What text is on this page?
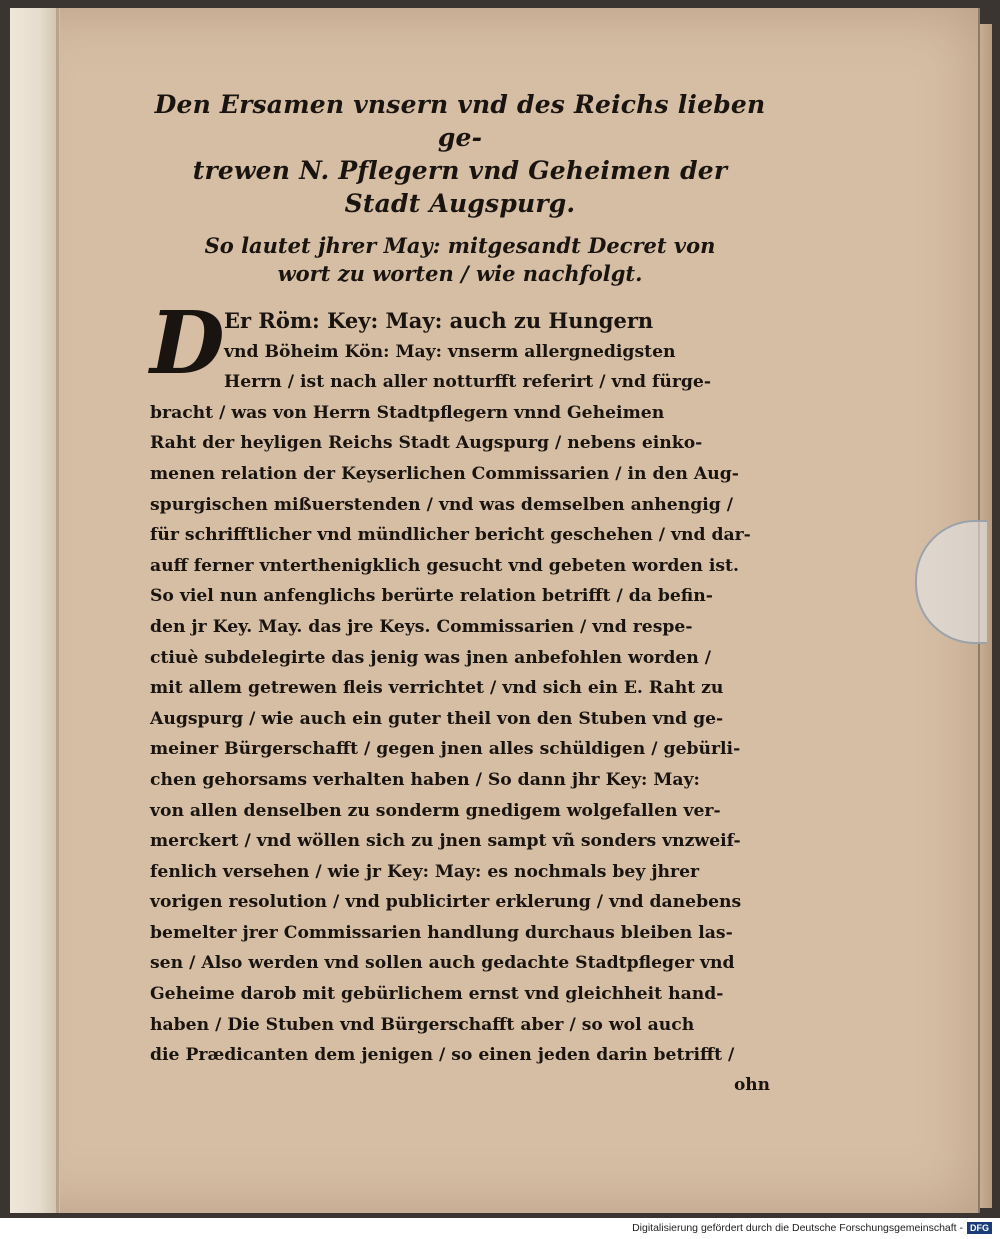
Den Ersamen vnsern vnd des Reichs lieben ge-
trewen N. Pflegern vnd Geheimen der
Stadt Augspurg.
So lautet jhrer May: mitgesandt Decret von
wort zu worten / wie nachfolgt.
D Er Röm: Key: May: auch zu Hungern
vnd Böheim Kön: May: vnserm allergnedigsten
Herrn / ist nach aller notturfft referirt / vnd fürge-
bracht / was von Herrn Stadtpflegern vnnd Geheimen
Raht der heyligen Reichs Stadt Augspurg / nebens einko-
menen relation der Keyserlichen Commissarien / in den Aug-
spurgischen mißuerstenden / vnd was demselben anhengig /
für schrifftlicher vnd mündlicher bericht geschehen / vnd dar-
auff ferner vnterthenigklich gesucht vnd gebeten worden ist.
So viel nun anfenglichs berürte relation betrifft / da befin-
den jr Key. May. das jre Keys. Commissarien / vnd respe-
ctiuè subdelegirte das jenig was jnen anbefohlen worden /
mit allem getrewen fleis verrichtet / vnd sich ein E. Raht zu
Augspurg / wie auch ein guter theil von den Stuben vnd ge-
meiner Bürgerschafft / gegen jnen alles schüldigen / gebürli-
chen gehorsams verhalten haben / So dann jhr Key: May:
von allen denselben zu sonderm gnedigem wolgefallen ver-
merckert / vnd wöllen sich zu jnen sampt vñ sonders vnzweif-
fenlich versehen / wie jr Key: May: es nochmals bey jhrer
vorigen resolution / vnd publicirter erklerung / vnd danebens
bemelter jrer Commissarien handlung durchaus bleiben las-
sen / Also werden vnd sollen auch gedachte Stadtpfleger vnd
Geheime darob mit gebürlichem ernst vnd gleichheit hand-
haben / Die Stuben vnd Bürgerschafft aber / so wol auch
die Prædicanten dem jenigen / so einen jeden darin betrifft /
ohn
Digitalisierung gefördert durch die Deutsche Forschungsgemeinschaft - DFG
